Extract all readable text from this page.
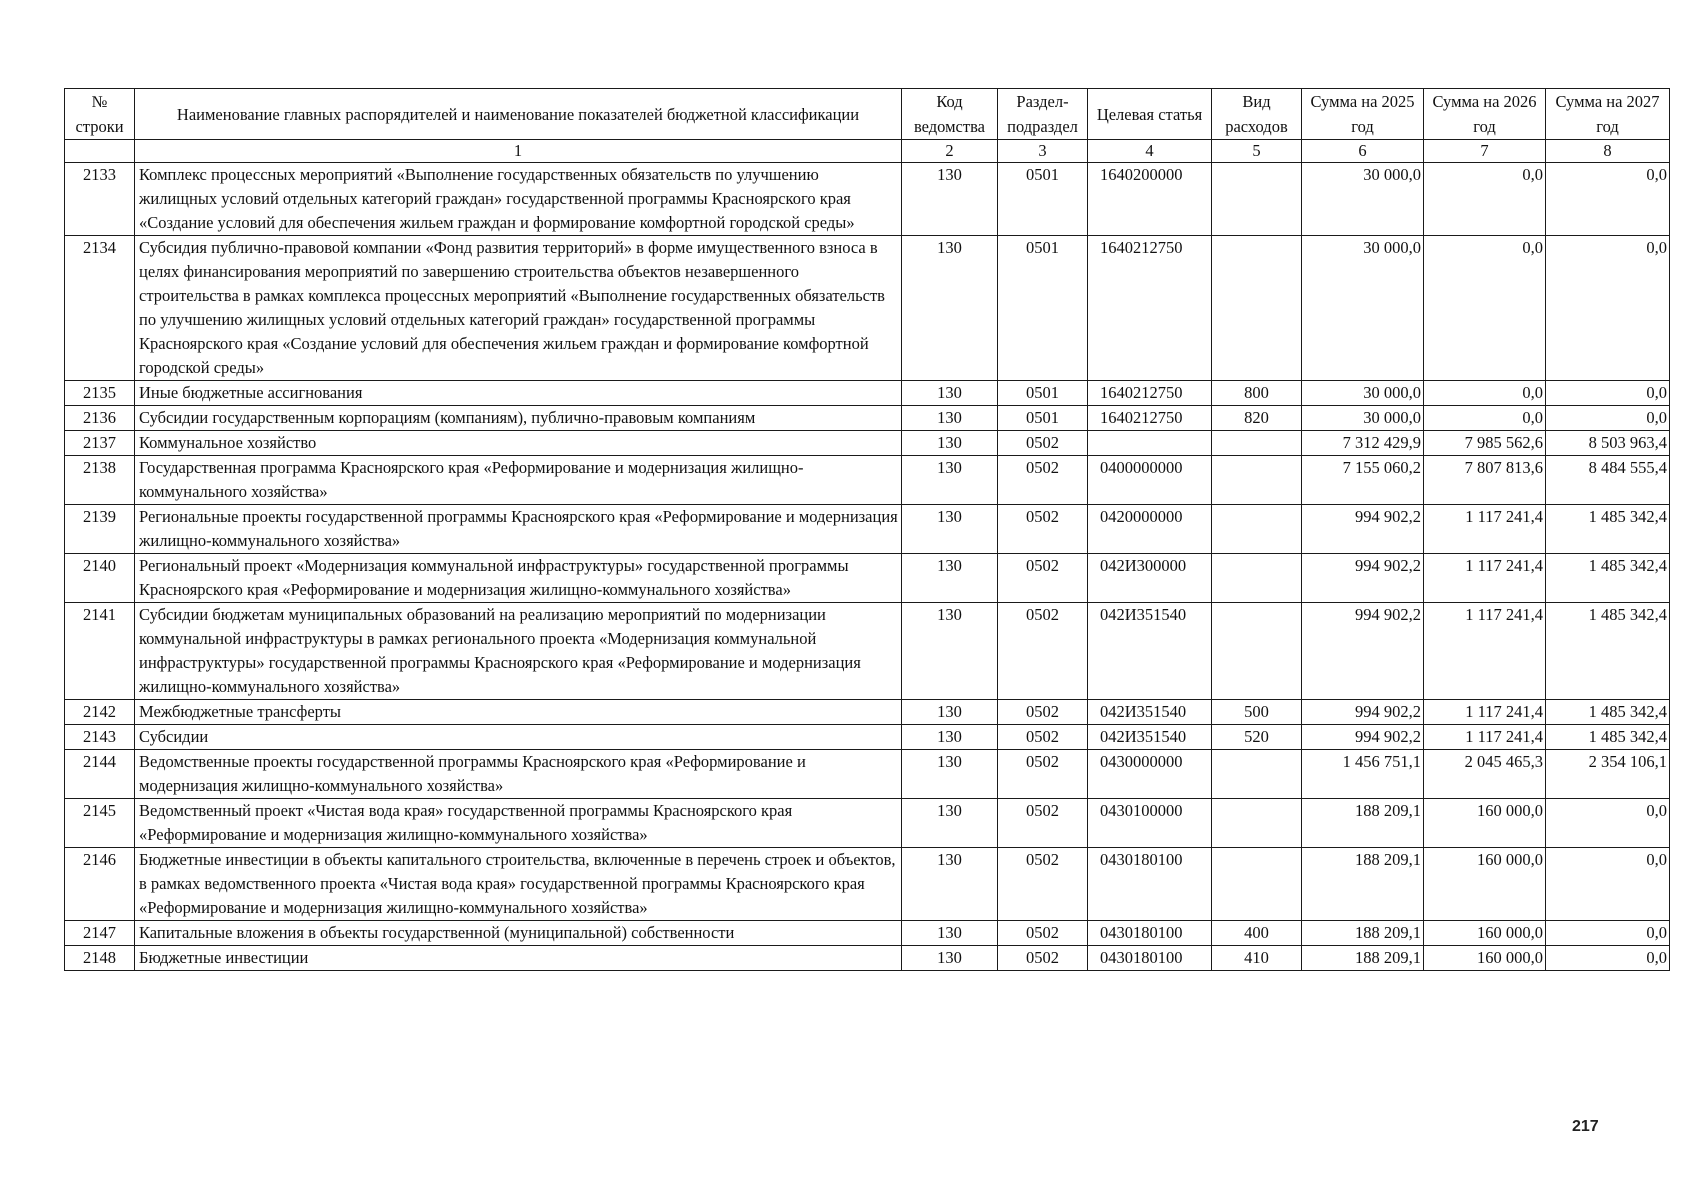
№ строки	Наименование главных распорядителей и наименование показателей бюджетной классификации	Код ведомства	Раздел-подраздел	Целевая статья	Вид расходов	Сумма на 2025 год	Сумма на 2026 год	Сумма на 2027 год
	1	2	3	4	5	6	7	8
2133	Комплекс процессных мероприятий «Выполнение государственных обязательств по улучшению жилищных условий отдельных категорий граждан» государственной программы Красноярского края «Создание условий для обеспечения жильем граждан и формирование комфортной городской среды»	130	0501	1640200000		30 000,0	0,0	0,0
2134	Субсидия публично-правовой компании «Фонд развития территорий» в форме имущественного взноса в целях финансирования мероприятий по завершению строительства объектов незавершенного строительства в рамках комплекса процессных мероприятий «Выполнение государственных обязательств по улучшению жилищных условий отдельных категорий граждан» государственной программы Красноярского края «Создание условий для обеспечения жильем граждан и формирование комфортной городской среды»	130	0501	1640212750		30 000,0	0,0	0,0
2135	Иные бюджетные ассигнования	130	0501	1640212750	800	30 000,0	0,0	0,0
2136	Субсидии государственным корпорациям (компаниям), публично-правовым компаниям	130	0501	1640212750	820	30 000,0	0,0	0,0
2137	Коммунальное хозяйство	130	0502			7 312 429,9	7 985 562,6	8 503 963,4
2138	Государственная программа Красноярского края «Реформирование и модернизация жилищно-коммунального хозяйства»	130	0502	0400000000		7 155 060,2	7 807 813,6	8 484 555,4
2139	Региональные проекты государственной программы Красноярского края «Реформирование и модернизация жилищно-коммунального хозяйства»	130	0502	0420000000		994 902,2	1 117 241,4	1 485 342,4
2140	Региональный проект «Модернизация коммунальной инфраструктуры» государственной программы Красноярского края «Реформирование и модернизация жилищно-коммунального хозяйства»	130	0502	042И300000		994 902,2	1 117 241,4	1 485 342,4
2141	Субсидии бюджетам муниципальных образований на реализацию мероприятий по модернизации коммунальной инфраструктуры в рамках регионального проекта «Модернизация коммунальной инфраструктуры» государственной программы Красноярского края «Реформирование и модернизация жилищно-коммунального хозяйства»	130	0502	042И351540		994 902,2	1 117 241,4	1 485 342,4
2142	Межбюджетные трансферты	130	0502	042И351540	500	994 902,2	1 117 241,4	1 485 342,4
2143	Субсидии	130	0502	042И351540	520	994 902,2	1 117 241,4	1 485 342,4
2144	Ведомственные проекты государственной программы Красноярского края «Реформирование и модернизация жилищно-коммунального хозяйства»	130	0502	0430000000		1 456 751,1	2 045 465,3	2 354 106,1
2145	Ведомственный проект «Чистая вода края» государственной программы Красноярского края «Реформирование и модернизация жилищно-коммунального хозяйства»	130	0502	0430100000		188 209,1	160 000,0	0,0
2146	Бюджетные инвестиции в объекты капитального строительства, включенные в перечень строек и объектов, в рамках ведомственного проекта «Чистая вода края» государственной программы Красноярского края «Реформирование и модернизация жилищно-коммунального хозяйства»	130	0502	0430180100		188 209,1	160 000,0	0,0
2147	Капитальные вложения в объекты государственной (муниципальной) собственности	130	0502	0430180100	400	188 209,1	160 000,0	0,0
2148	Бюджетные инвестиции	130	0502	0430180100	410	188 209,1	160 000,0	0,0
217
